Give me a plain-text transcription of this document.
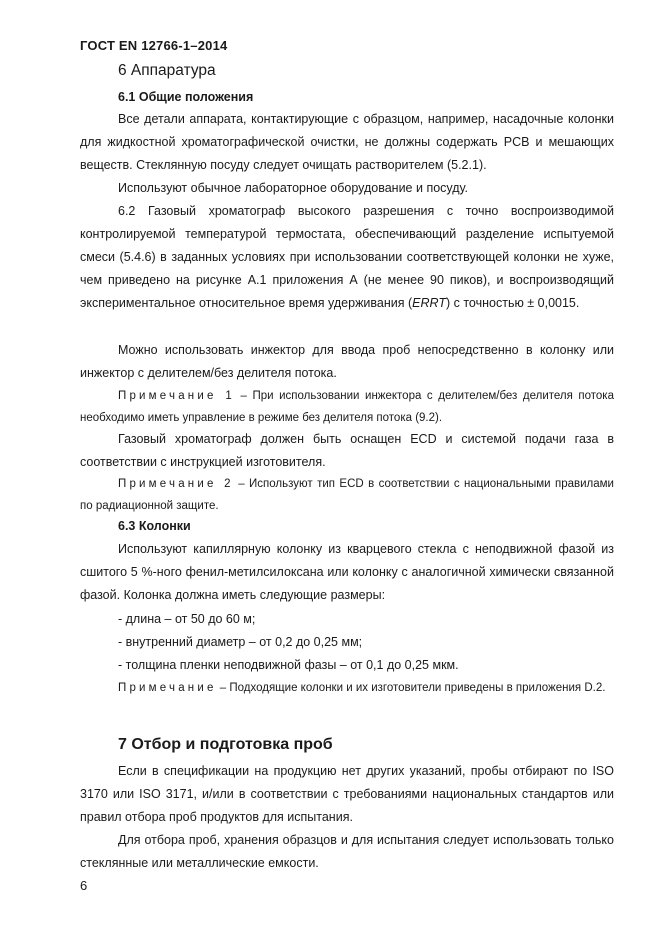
ГОСТ EN 12766-1–2014
6 Аппаратура
6.1 Общие положения

Все детали аппарата, контактирующие с образцом, например, насадочные колонки для жидкостной хроматографической очистки, не должны содержать PCB и мешающих веществ. Стеклянную посуду следует очищать растворителем (5.2.1).

Используют обычное лабораторное оборудование и посуду.

6.2 Газовый хроматограф высокого разрешения с точно воспроизводимой контролируемой температурой термостата, обеспечивающий разделение испытуемой смеси (5.4.6) в заданных условиях при использовании соответствующей колонки не хуже, чем приведено на рисунке А.1 приложения А (не менее 90 пиков), и воспроизводящий экспериментальное относительное время удерживания (ERRT) с точностью ± 0,0015.

Можно использовать инжектор для ввода проб непосредственно в колонку или инжектор с делителем/без делителя потока.

Примечание 1 – При использовании инжектора с делителем/без делителя потока необходимо иметь управление в режиме без делителя потока (9.2).

Газовый хроматограф должен быть оснащен ECD и системой подачи газа в соответствии с инструкцией изготовителя.

Примечание 2 – Используют тип ECD в соответствии с национальными правилами по радиационной защите.

6.3 Колонки

Используют капиллярную колонку из кварцевого стекла с неподвижной фазой из сшитого 5 %-ного фенил-метилсилоксана или колонку с аналогичной химически связанной фазой. Колонка должна иметь следующие размеры:

- длина – от 50 до 60 м;
- внутренний диаметр – от 0,2 до 0,25 мм;
- толщина пленки неподвижной фазы – от 0,1 до 0,25 мкм.

Примечание – Подходящие колонки и их изготовители приведены в приложения D.2.

7 Отбор и подготовка проб

Если в спецификации на продукцию нет других указаний, пробы отбирают по ISO 3170 или ISO 3171, и/или в соответствии с требованиями национальных стандартов или правил отбора проб продуктов для испытания.

Для отбора проб, хранения образцов и для испытания следует использовать только стеклянные или металлические емкости.

6
